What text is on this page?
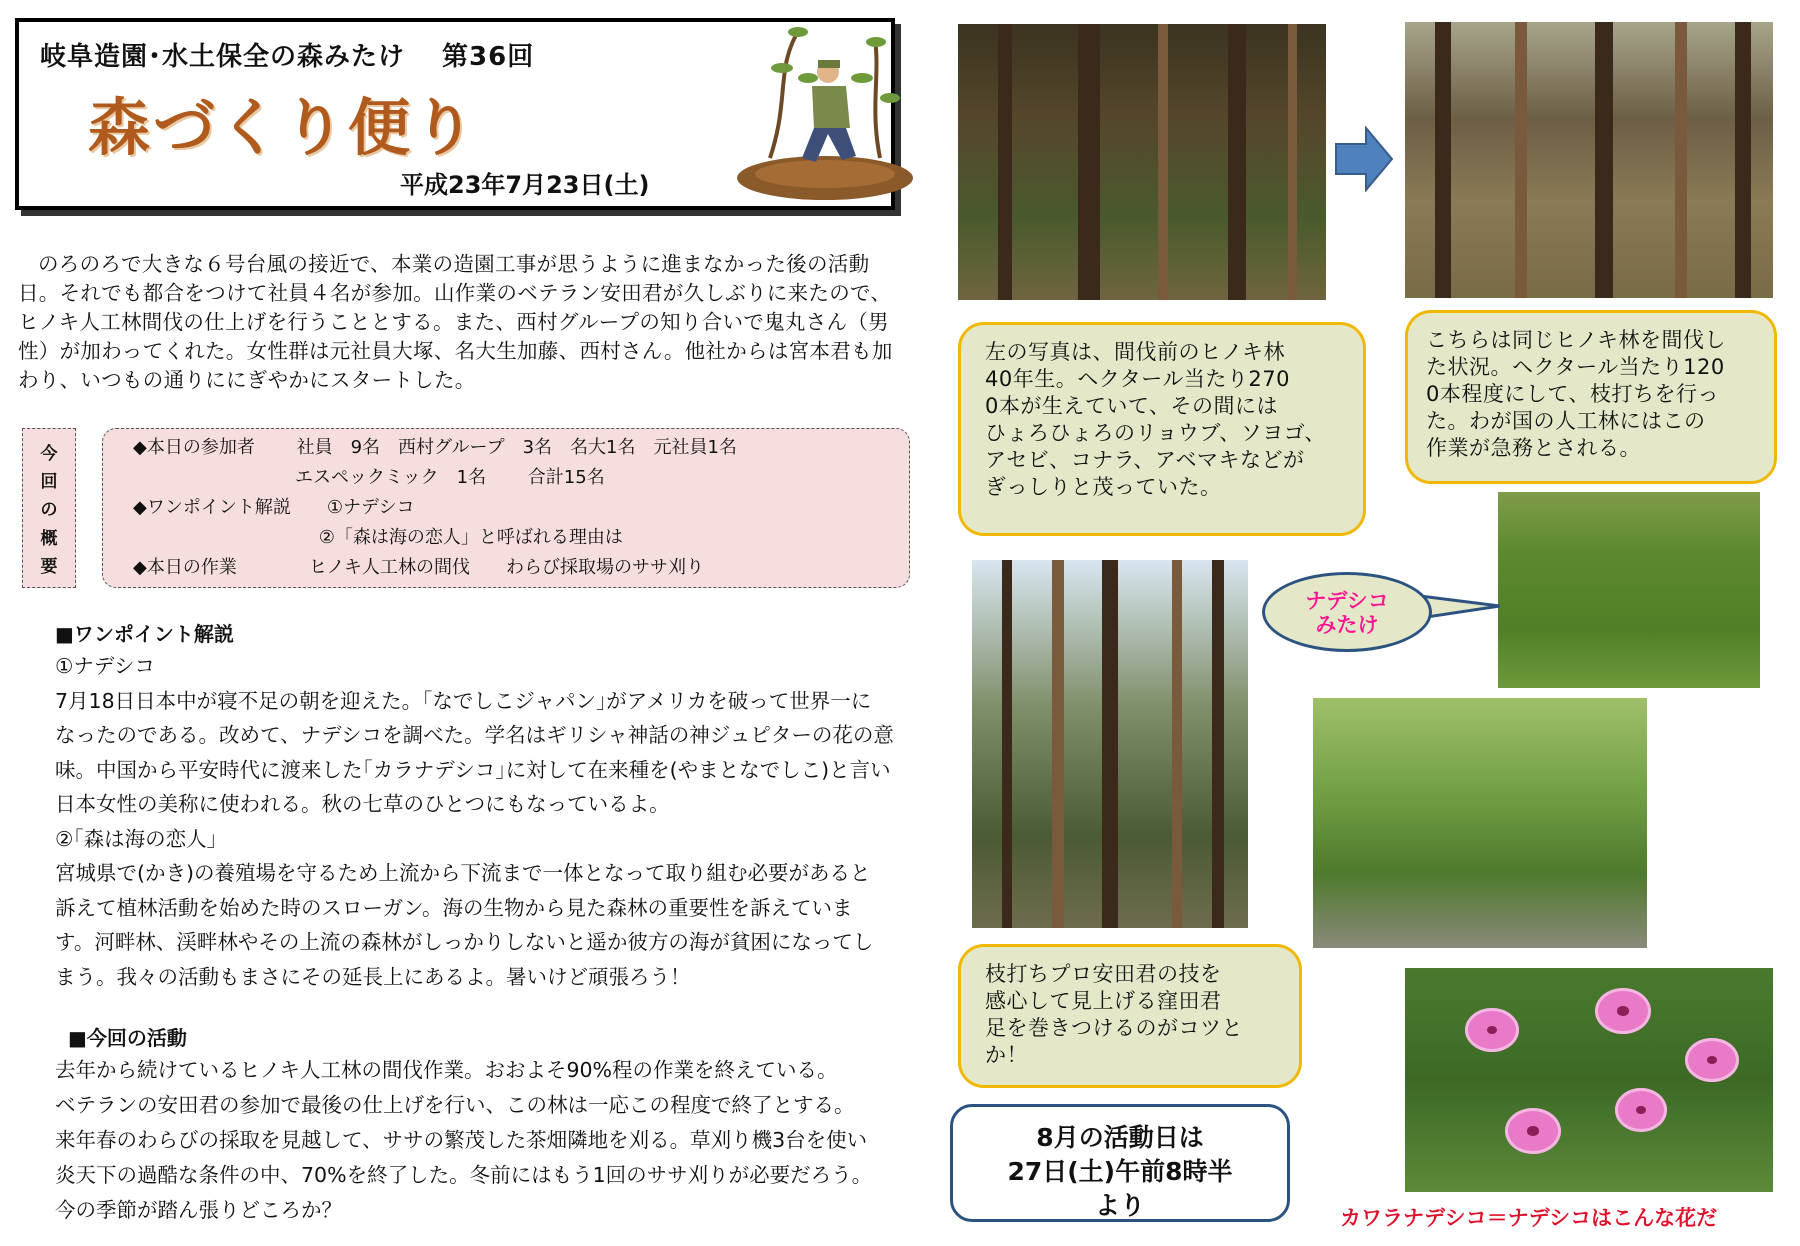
岐阜造園･水土保全の森みたけ　 第36回
森づくり便り
平成23年7月23日(土)
のろのろで大きな６号台風の接近で、本業の造園工事が思うように進まなかった後の活動日。それでも都合をつけて社員４名が参加。山作業のベテラン安田君が久しぶりに来たので、ヒノキ人工林間伐の仕上げを行うこととする。また、西村グループの知り合いで鬼丸さん（男性）が加わってくれた。女性群は元社員大塚、名大生加藤、西村さん。他社からは宮本君も加わり、いつもの通りににぎやかにスタートした。
今
回
の
概
要
◆本日の参加者　　 社員　9名　西村グループ　3名　名大1名　元社員1名
　　　　　　　　　エスペックミック　1名　　 合計15名
◆ワンポイント解説　　①ナデシコ
　　　　　　　　　　 ②「森は海の恋人」と呼ばれる理由は
◆本日の作業　　　　ヒノキ人工林の間伐　　わらび採取場のササ刈り
■ワンポイント解説
①ナデシコ
7月18日日本中が寝不足の朝を迎えた。｢なでしこジャパン｣がアメリカを破って世界一に
なったのである。改めて、ナデシコを調べた。学名はギリシャ神話の神ジュピターの花の意
味。中国から平安時代に渡来した｢カラナデシコ｣に対して在来種を(やまとなでしこ)と言い
日本女性の美称に使われる。秋の七草のひとつにもなっているよ。
②｢森は海の恋人｣
宮城県で(かき)の養殖場を守るため上流から下流まで一体となって取り組む必要があると
訴えて植林活動を始めた時のスローガン。海の生物から見た森林の重要性を訴えていま
す。河畔林、渓畔林やその上流の森林がしっかりしないと遥か彼方の海が貧困になってし
まう。我々の活動もまさにその延長上にあるよ。暑いけど頑張ろう！
■今回の活動
去年から続けているヒノキ人工林の間伐作業。おおよそ90%程の作業を終えている。
ベテランの安田君の参加で最後の仕上げを行い、この林は一応この程度で終了とする。
来年春のわらびの採取を見越して、ササの繁茂した茶畑隣地を刈る。草刈り機3台を使い
炎天下の過酷な条件の中、70%を終了した。冬前にはもう1回のササ刈りが必要だろう。
今の季節が踏ん張りどころか？
左の写真は、間伐前のヒノキ林
40年生。ヘクタール当たり270
0本が生えていて、その間には
ひょろひょろのリョウブ、ソヨゴ、
アセビ、コナラ、アベマキなどが
ぎっしりと茂っていた。
こちらは同じヒノキ林を間伐し
た状況。ヘクタール当たり120
0本程度にして、枝打ちを行っ
た。わが国の人工林にはこの
作業が急務とされる。
枝打ちプロ安田君の技を
感心して見上げる窪田君
足を巻きつけるのがコツと
か！
ナデシコ
みたけ
8月の活動日は
27日(土)午前8時半
より	カワラナデシコ＝ナデシコはこんな花だ
